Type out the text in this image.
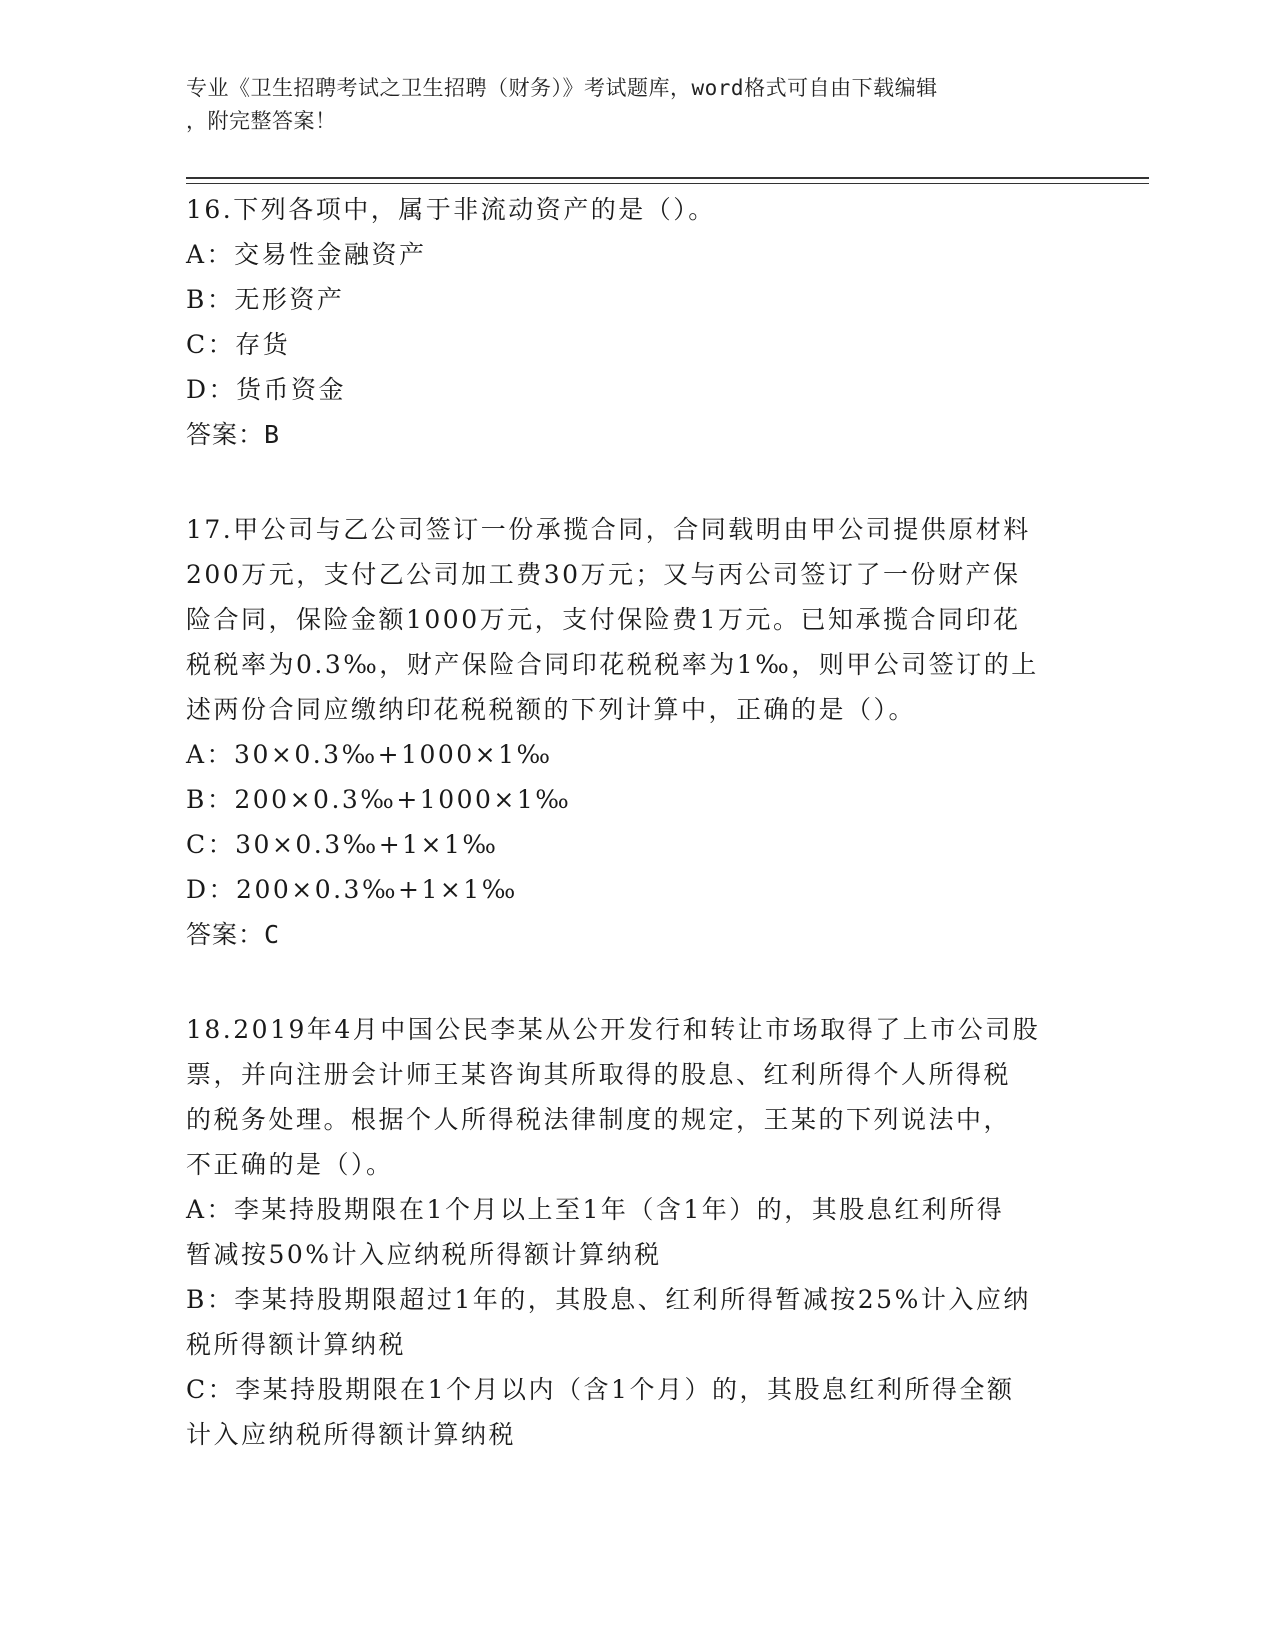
专业《卫生招聘考试之卫生招聘（财务）》考试题库，word格式可自由下载编辑
，附完整答案！
16.下列各项中，属于非流动资产的是（）。
A：交易性金融资产
B：无形资产
C：存货
D：货币资金
答案：B
17.甲公司与乙公司签订一份承揽合同，合同载明由甲公司提供原材料
200万元，支付乙公司加工费30万元；又与丙公司签订了一份财产保
险合同，保险金额1000万元，支付保险费1万元。已知承揽合同印花
税税率为0.3‰，财产保险合同印花税税率为1‰，则甲公司签订的上
述两份合同应缴纳印花税税额的下列计算中，正确的是（）。
A：30×0.3‰+1000×1‰
B：200×0.3‰+1000×1‰
C：30×0.3‰+1×1‰
D：200×0.3‰+1×1‰
答案：C
18.2019年4月中国公民李某从公开发行和转让市场取得了上市公司股
票，并向注册会计师王某咨询其所取得的股息、红利所得个人所得税
的税务处理。根据个人所得税法律制度的规定，王某的下列说法中，
不正确的是（）。
A：李某持股期限在1个月以上至1年（含1年）的，其股息红利所得
暂减按50%计入应纳税所得额计算纳税
B：李某持股期限超过1年的，其股息、红利所得暂减按25%计入应纳
税所得额计算纳税
C：李某持股期限在1个月以内（含1个月）的，其股息红利所得全额
计入应纳税所得额计算纳税
